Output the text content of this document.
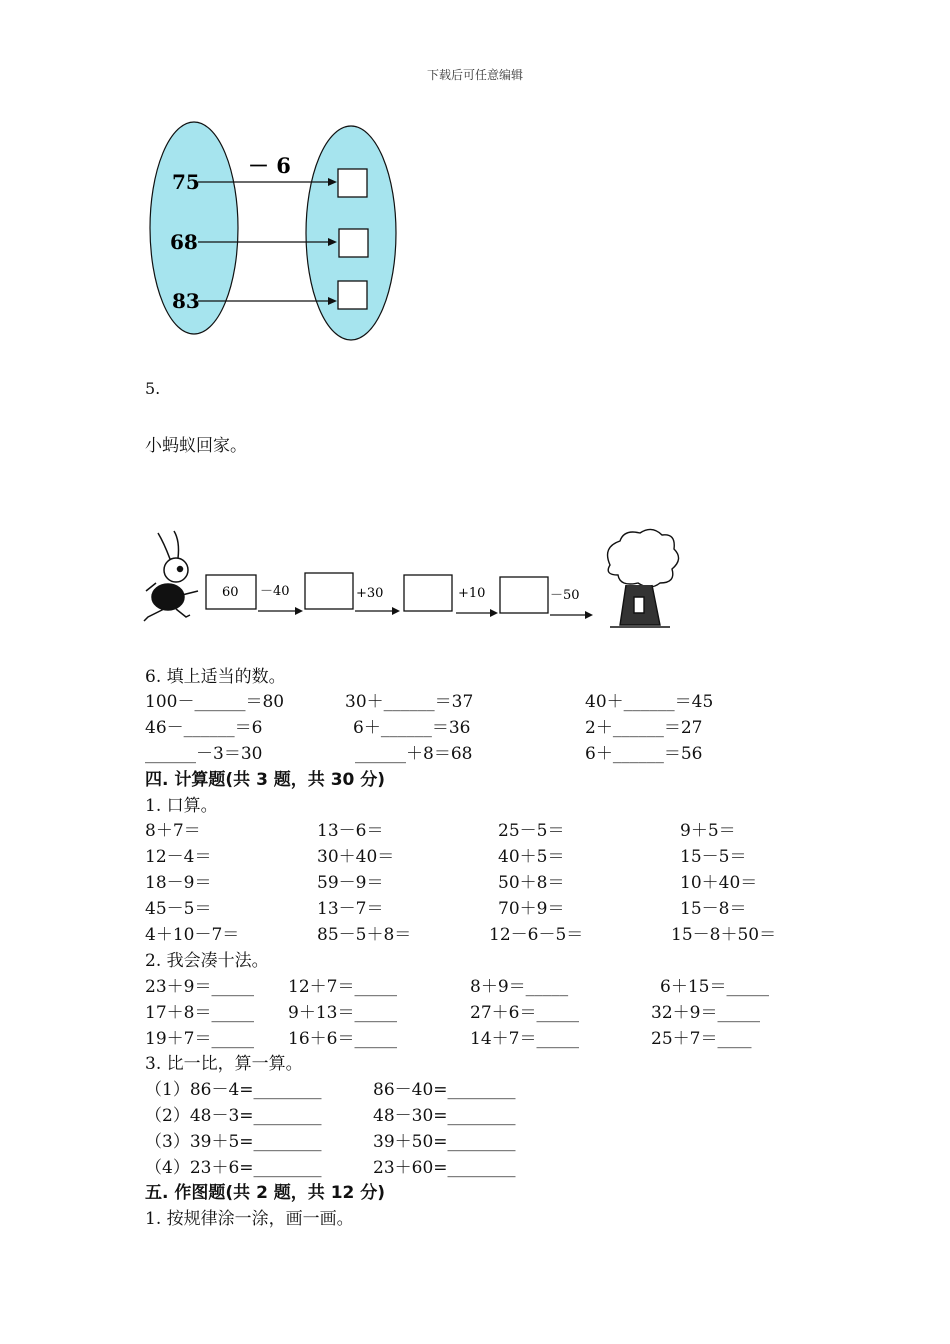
下载后可任意编辑
－ 6
75
68
83
5.
小蚂蚁回家。
60 －40	+30	+10	－50
6. 填上适当的数。
100－______＝80	30＋______＝37	40＋______＝45
46－______＝6	6＋______＝36	2＋______＝27
______－3＝30	______＋8＝68	6＋______＝56
四. 计算题(共 3 题，共 30 分)
1. 口算。
8＋7＝	13－6＝	25－5＝	9＋5＝
12－4＝	30＋40＝	40＋5＝	15－5＝
18－9＝	59－9＝	50＋8＝	10＋40＝
45－5＝	13－7＝	70＋9＝	15－8＝
4＋10－7＝	85－5＋8＝	12－6－5＝	15－8＋50＝
2. 我会凑十法。
23＋9＝_____ 12＋7＝_____	8＋9＝_____	6＋15＝_____
17＋8＝_____ 9＋13＝_____	27＋6＝_____	32＋9＝_____
19＋7＝_____ 16＋6＝_____	14＋7＝_____	25＋7＝____
3. 比一比，算一算。
（1）86－4=________	86－40=________
（2）48－3=________	48－30=________
（3）39＋5=________	39＋50=________
（4）23＋6=________	23＋60=________
五. 作图题(共 2 题，共 12 分)
1. 按规律涂一涂，画一画。
